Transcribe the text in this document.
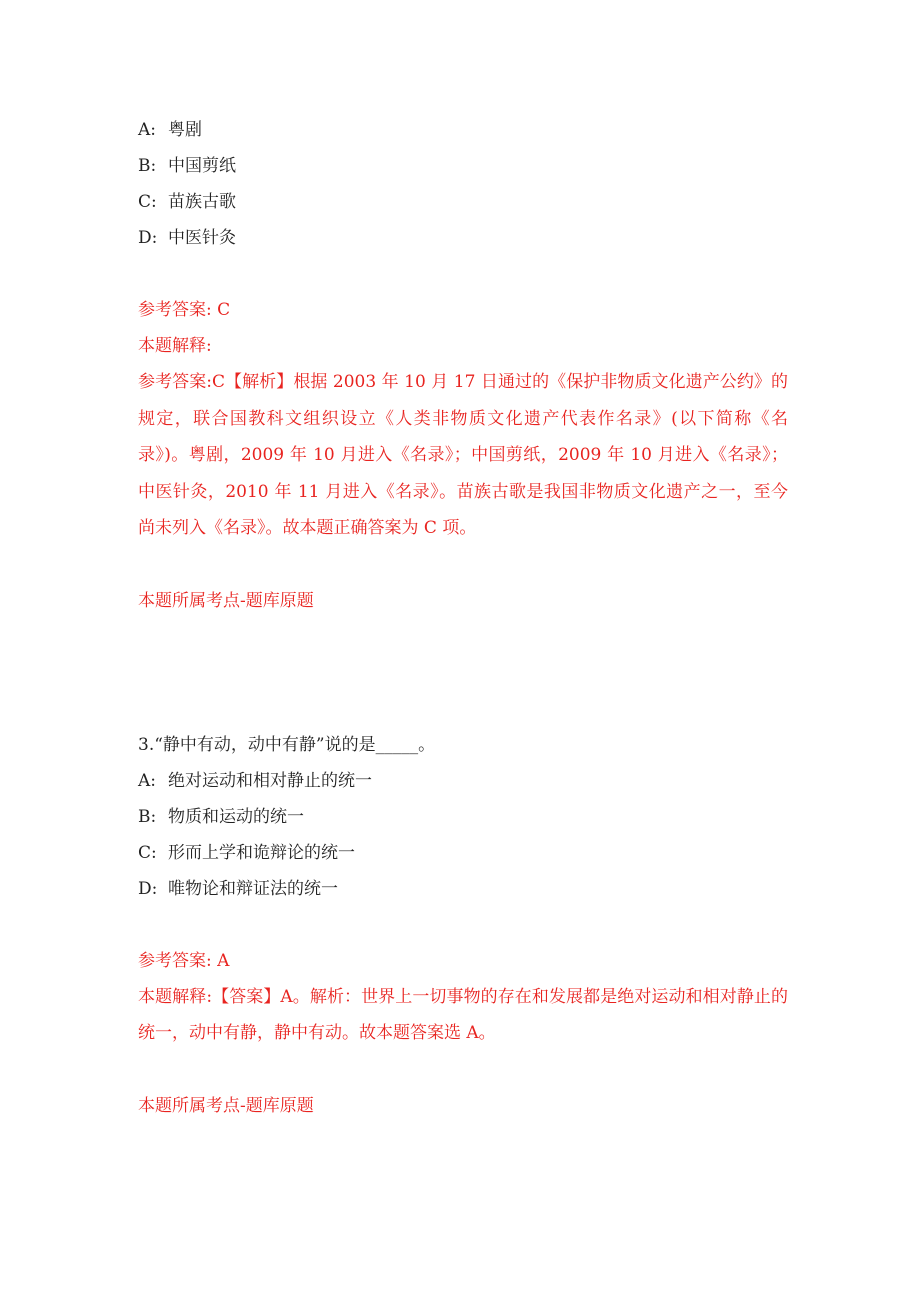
A: 粤剧
B: 中国剪纸
C: 苗族古歌
D: 中医针灸
参考答案: C
本题解释:
参考答案:C【解析】根据 2003 年 10 月 17 日通过的《保护非物质文化遗产公约》的规定，联合国教科文组织设立《人类非物质文化遗产代表作名录》(以下简称《名录》)。粤剧，2009 年 10 月进入《名录》；中国剪纸，2009 年 10 月进入《名录》；中医针灸，2010 年 11 月进入《名录》。苗族古歌是我国非物质文化遗产之一，至今尚未列入《名录》。故本题正确答案为 C 项。
本题所属考点-题库原题
3.“静中有动，动中有静”说的是_____。
A: 绝对运动和相对静止的统一
B: 物质和运动的统一
C: 形而上学和诡辩论的统一
D: 唯物论和辩证法的统一
参考答案: A
本题解释:【答案】A。解析：世界上一切事物的存在和发展都是绝对运动和相对静止的统一，动中有静，静中有动。故本题答案选 A。
本题所属考点-题库原题
